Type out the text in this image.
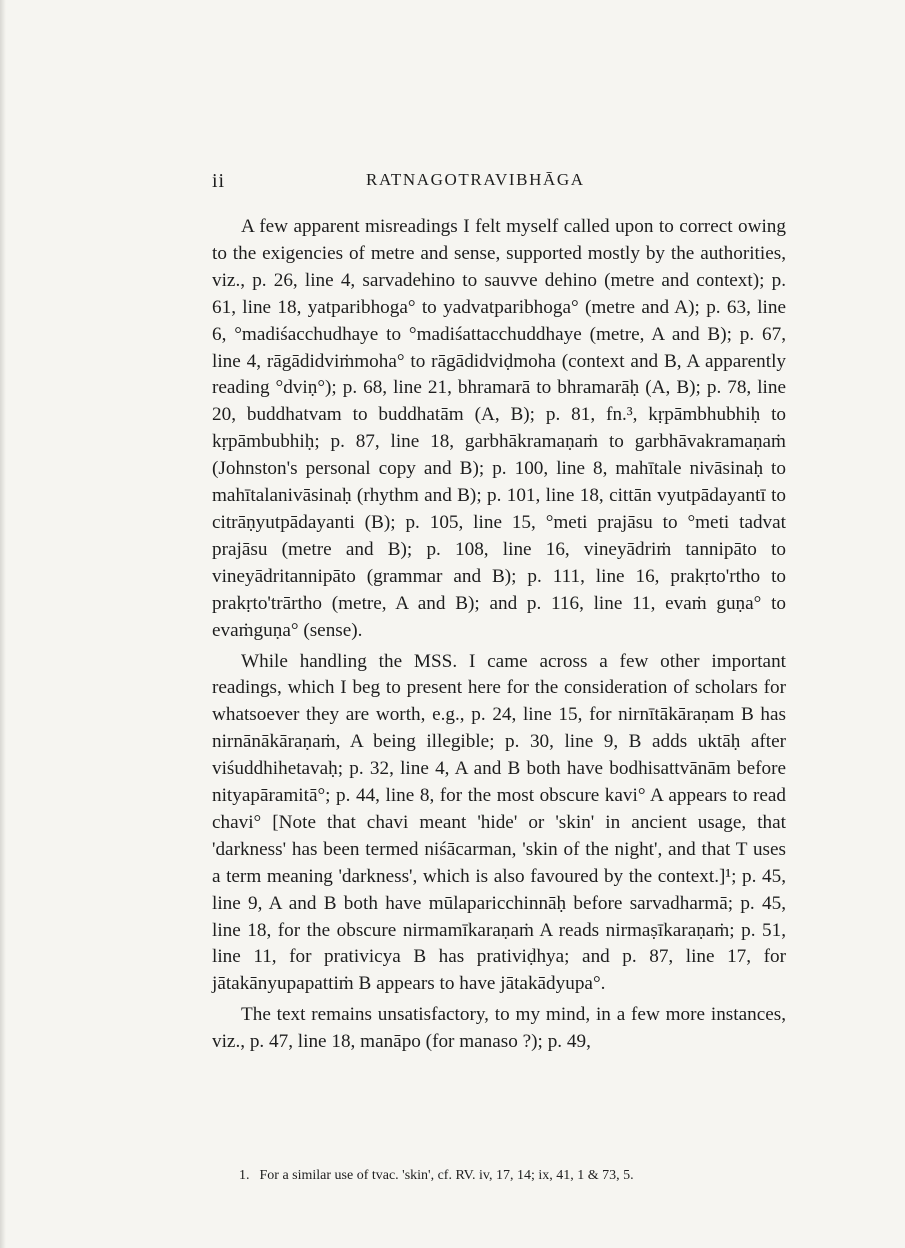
ii	RATNAGOTRAVIBHĀGA

A few apparent misreadings I felt myself called upon to correct owing to the exigencies of metre and sense, supported mostly by the authorities, viz., p. 26, line 4, sarvadehino to sauvve dehino (metre and context); p. 61, line 18, yatparibhoga° to yadvatparibhoga° (metre and A); p. 63, line 6, °madiśacchudhaye to °madiśattacchuddhaye (metre, A and B); p. 67, line 4, rāgādidviṁmoha° to rāgādidviḍmoha (context and B, A apparently reading °dviṇ°); p. 68, line 21, bhramarā to bhramarāḥ (A, B); p. 78, line 20, buddhatvam to buddhatām (A, B); p. 81, fn.³, kṛpāmbhubhiḥ to kṛpāmbubhiḥ; p. 87, line 18, garbhākramaṇaṁ to garbhāvakramaṇaṁ (Johnston's personal copy and B); p. 100, line 8, mahītale nivāsinaḥ to mahītalanivāsinaḥ (rhythm and B); p. 101, line 18, cittān vyutpādayantī to citrāṇyutpādayanti (B); p. 105, line 15, °meti prajāsu to °meti tadvat prajāsu (metre and B); p. 108, line 16, vineyādriṁ tannipāto to vineyādritannipāto (grammar and B); p. 111, line 16, prakṛto'rtho to prakṛto'trārtho (metre, A and B); and p. 116, line 11, evaṁ guṇa° to evaṁguṇa° (sense).

While handling the MSS. I came across a few other important readings, which I beg to present here for the consideration of scholars for whatsoever they are worth, e.g., p. 24, line 15, for nirnītākāraṇam B has nirnānākāraṇaṁ, A being illegible; p. 30, line 9, B adds uktāḥ after viśuddhihetavaḥ; p. 32, line 4, A and B both have bodhisattvānām before nityapāramitā°; p. 44, line 8, for the most obscure kavi° A appears to read chavi° [Note that chavi meant 'hide' or 'skin' in ancient usage, that 'darkness' has been termed niśācarman, 'skin of the night', and that T uses a term meaning 'darkness', which is also favoured by the context.]¹; p. 45, line 9, A and B both have mūlaparicchinnāḥ before sarvadharmā; p. 45, line 18, for the obscure nirmamīkaraṇaṁ A reads nirmaṣīkaraṇaṁ; p. 51, line 11, for prativicya B has prativiḍhya; and p. 87, line 17, for jātakānyupapattiṁ B appears to have jātakādyupa°.

The text remains unsatisfactory, to my mind, in a few more instances, viz., p. 47, line 18, manāpo (for manaso ?); p. 49,

1. For a similar use of tvac. 'skin', cf. RV. iv, 17, 14; ix, 41, 1 & 73, 5.
